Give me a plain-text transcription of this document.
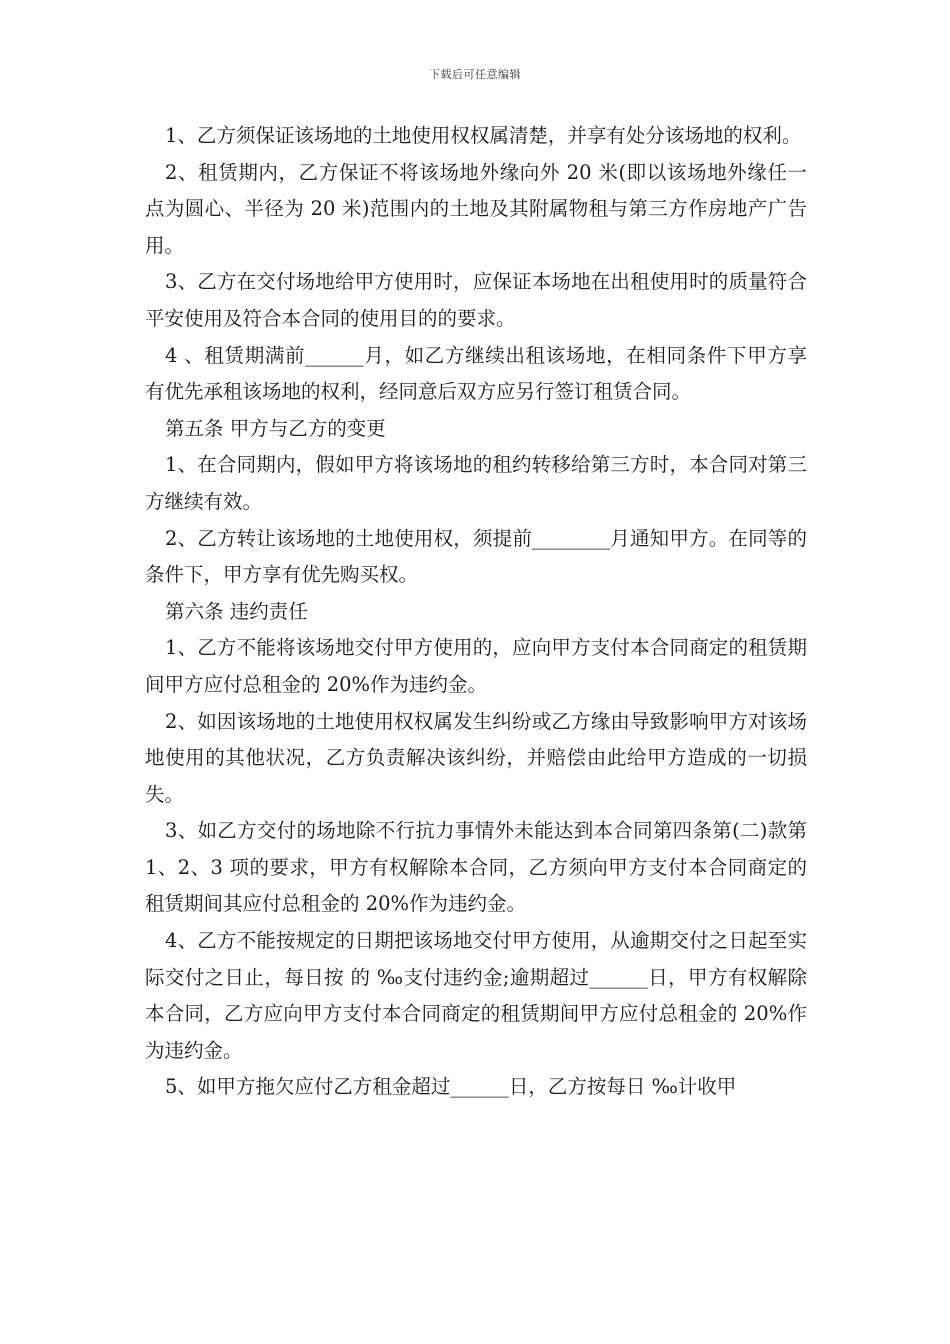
下载后可任意编辑

1、乙方须保证该场地的土地使用权权属清楚，并享有处分该场地的权利。

2、租赁期内，乙方保证不将该场地外缘向外 20 米(即以该场地外缘任一点为圆心、半径为 20 米)范围内的土地及其附属物租与第三方作房地产广告用。

3、乙方在交付场地给甲方使用时，应保证本场地在出租使用时的质量符合平安使用及符合本合同的使用目的的要求。

4 、租赁期满前______月，如乙方继续出租该场地，在相同条件下甲方享有优先承租该场地的权利，经同意后双方应另行签订租赁合同。

第五条 甲方与乙方的变更

1、在合同期内，假如甲方将该场地的租约转移给第三方时，本合同对第三方继续有效。

2、乙方转让该场地的土地使用权，须提前________月通知甲方。在同等的条件下，甲方享有优先购买权。

第六条 违约责任

1、乙方不能将该场地交付甲方使用的，应向甲方支付本合同商定的租赁期间甲方应付总租金的 20%作为违约金。

2、如因该场地的土地使用权权属发生纠纷或乙方缘由导致影响甲方对该场地使用的其他状况，乙方负责解决该纠纷，并赔偿由此给甲方造成的一切损失。

3、如乙方交付的场地除不行抗力事情外未能达到本合同第四条第(二)款第 1、2、3 项的要求，甲方有权解除本合同，乙方须向甲方支付本合同商定的租赁期间其应付总租金的 20%作为违约金。

4、乙方不能按规定的日期把该场地交付甲方使用，从逾期交付之日起至实际交付之日止，每日按 的 ‰支付违约金;逾期超过______日，甲方有权解除本合同，乙方应向甲方支付本合同商定的租赁期间甲方应付总租金的 20%作为违约金。

5、如甲方拖欠应付乙方租金超过______日，乙方按每日 ‰计收甲
